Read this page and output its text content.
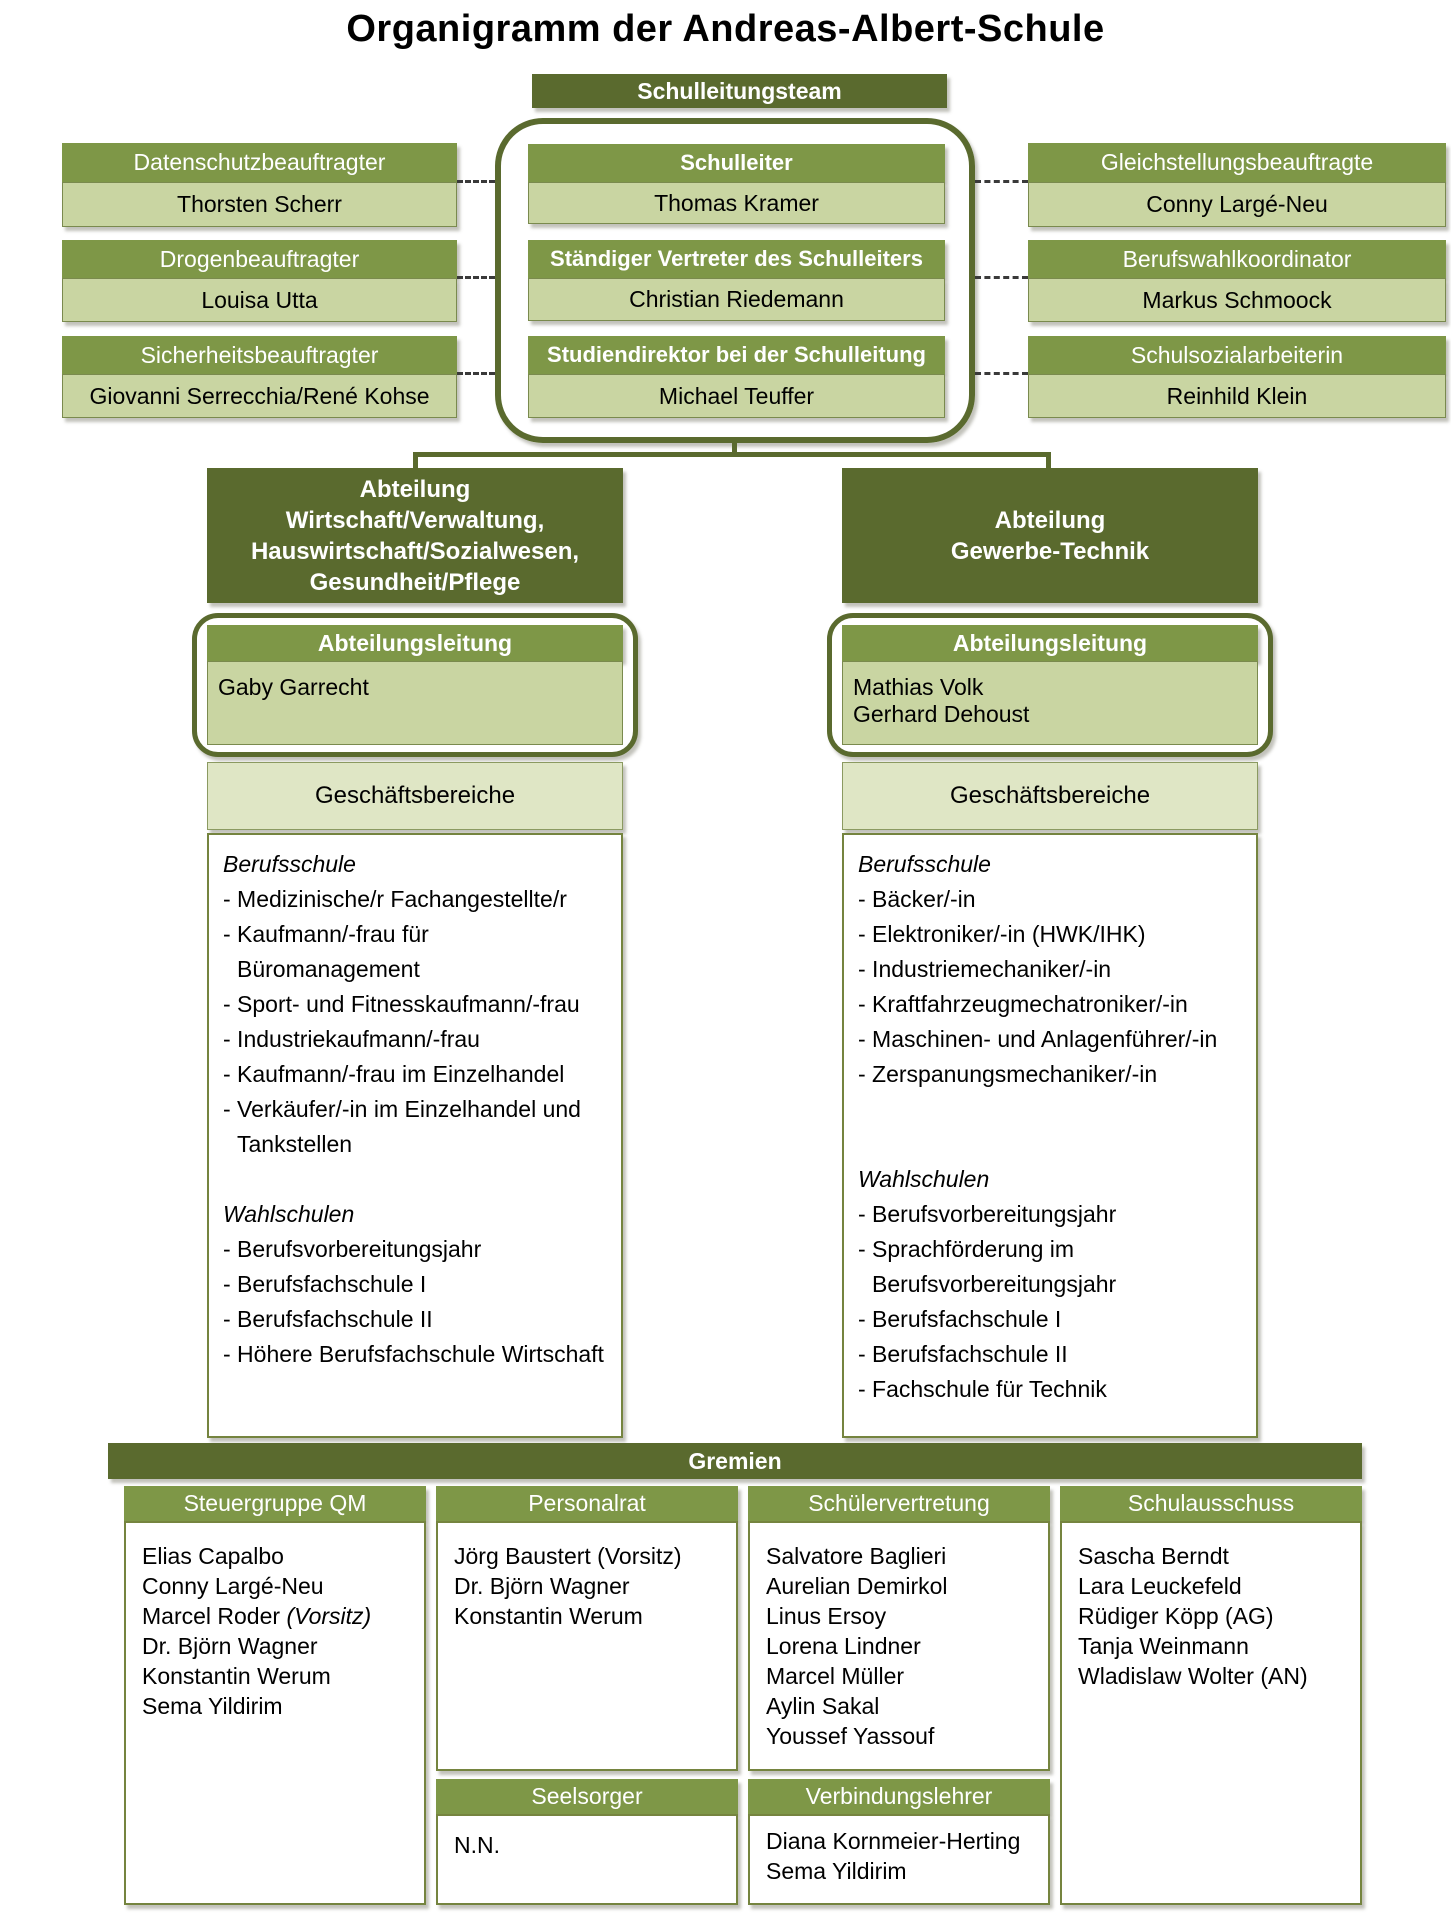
Organigramm der Andreas-Albert-Schule
Schulleitungsteam
Schulleiter
Thomas Kramer
Ständiger Vertreter des Schulleiters
Christian Riedemann
Studiendirektor bei der Schulleitung
Michael Teuffer
Datenschutzbeauftragter
Thorsten Scherr
Drogenbeauftragter
Louisa Utta
Sicherheitsbeauftragter
Giovanni Serrecchia/René Kohse
Gleichstellungsbeauftragte
Conny Largé-Neu
Berufswahlkoordinator
Markus Schmoock
Schulsozialarbeiterin
Reinhild Klein
Abteilung
Wirtschaft/Verwaltung,
Hauswirtschaft/Sozialwesen,
Gesundheit/Pflege
Abteilung
Gewerbe-Technik
Abteilungsleitung
Gaby Garrecht
Abteilungsleitung
Mathias Volk
Gerhard Dehoust
Geschäftsbereiche	Geschäftsbereiche
Berufsschule
- Medizinische/r Fachangestellte/r
- Kaufmann/-frau für
Büromanagement
- Sport- und Fitnesskaufmann/-frau
- Industriekaufmann/-frau
- Kaufmann/-frau im Einzelhandel
- Verkäufer/-in im Einzelhandel und
Tankstellen

Wahlschulen
- Berufsvorbereitungsjahr
- Berufsfachschule I
- Berufsfachschule II
- Höhere Berufsfachschule Wirtschaft
Berufsschule
- Bäcker/-in
- Elektroniker/-in (HWK/IHK)
- Industriemechaniker/-in
- Kraftfahrzeugmechatroniker/-in
- Maschinen- und Anlagenführer/-in
- Zerspanungsmechaniker/-in

Wahlschulen
- Berufsvorbereitungsjahr
- Sprachförderung im
Berufsvorbereitungsjahr
- Berufsfachschule I
- Berufsfachschule II
- Fachschule für Technik
Gremien
Steuergruppe QM	Personalrat	Schülervertretung	Schulausschuss
Elias Capalbo
Conny Largé-Neu
Marcel Roder (Vorsitz)
Dr. Björn Wagner
Konstantin Werum
Sema Yildirim
Jörg Baustert (Vorsitz)
Dr. Björn Wagner
Konstantin Werum
Salvatore Baglieri
Aurelian Demirkol
Linus Ersoy
Lorena Lindner
Marcel Müller
Aylin Sakal
Youssef Yassouf
Sascha Berndt
Lara Leuckefeld
Rüdiger Köpp (AG)
Tanja Weinmann
Wladislaw Wolter (AN)
Seelsorger
N.N.
Verbindungslehrer
Diana Kornmeier-Herting
Sema Yildirim
